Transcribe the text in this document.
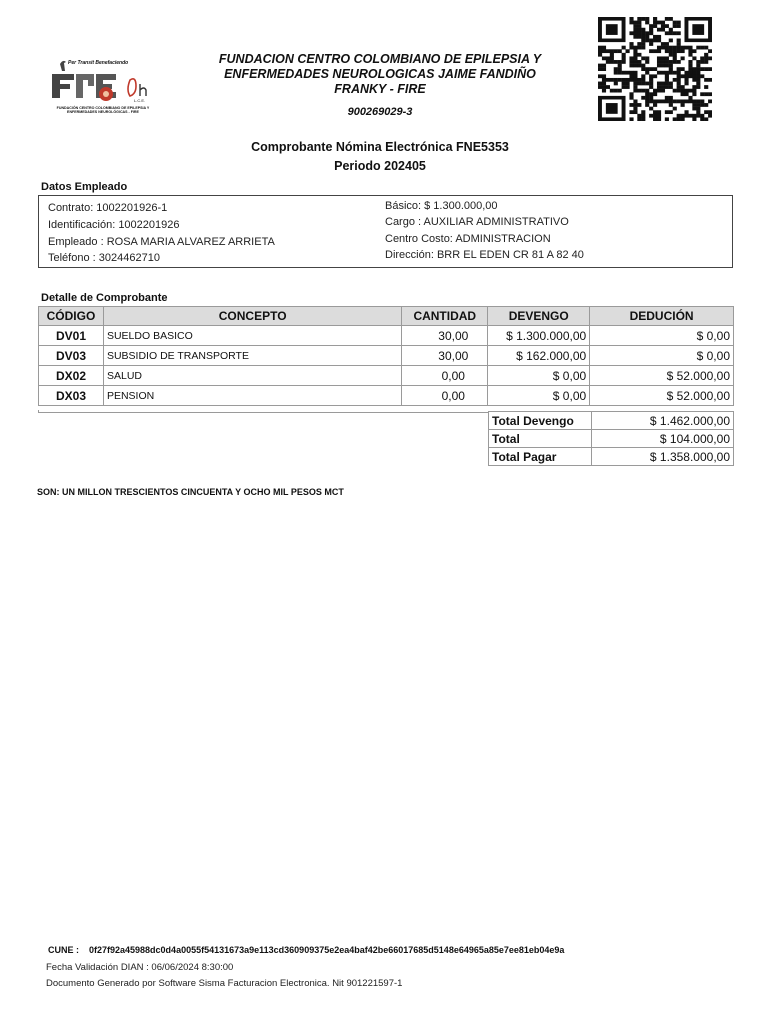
Per Transit Benefaciendo
L.C.E.
FUNDACIÓN CENTRO COLOMBIANO DE EPILEPSIA Y ENFERMEDADES NEUROLÓGICAS - FIRE
FUNDACION CENTRO COLOMBIANO DE EPILEPSIA Y
ENFERMEDADES NEUROLOGICAS JAIME FANDIÑO
FRANKY - FIRE
900269029-3
Comprobante Nómina Electrónica FNE5353
Periodo 202405
Datos Empleado
Contrato: 1002201926-1
Identificación: 1002201926
Empleado : ROSA MARIA ALVAREZ ARRIETA
Teléfono : 3024462710
Básico: $ 1.300.000,00
Cargo : AUXILIAR ADMINISTRATIVO
Centro Costo: ADMINISTRACION
Dirección: BRR EL EDEN CR 81 A 82 40
Detalle de Comprobante
CÓDIGO	CONCEPTO	CANTIDAD	DEVENGO	DEDUCIÓN
DV01	SUELDO BASICO	30,00	$ 1.300.000,00	$ 0,00
DV03	SUBSIDIO DE TRANSPORTE	30,00	$ 162.000,00	$ 0,00
DX02	SALUD	0,00	$ 0,00	$ 52.000,00
DX03	PENSION	0,00	$ 0,00	$ 52.000,00
Total Devengo	$ 1.462.000,00
Total	$ 104.000,00
Total Pagar	$ 1.358.000,00
SON: UN MILLON TRESCIENTOS CINCUENTA Y OCHO MIL PESOS MCT
CUNE : 0f27f92a45988dc0d4a0055f54131673a9e113cd360909375e2ea4baf42be66017685d5148e64965a85e7ee81eb04e9a
Fecha Validación DIAN : 06/06/2024 8:30:00
Documento Generado por Software Sisma Facturacion Electronica. Nit 901221597-1
